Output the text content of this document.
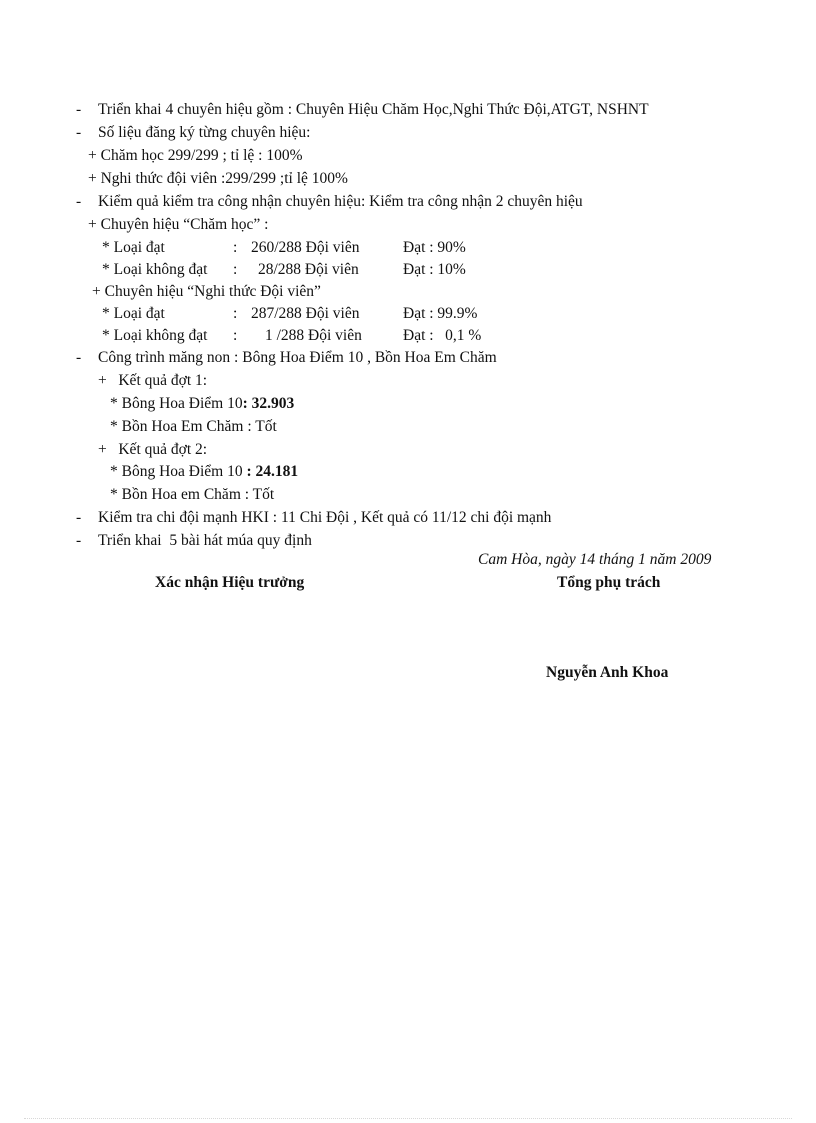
- Triển khai 4 chuyên hiệu gồm : Chuyên Hiệu Chăm Học,Nghi Thức Đội,ATGT, NSHNT
- Số liệu đăng ký từng chuyên hiệu:
+ Chăm học 299/299 ; tỉ lệ : 100%
+ Nghi thức đội viên :299/299 ;tỉ lệ 100%
- Kiểm quả kiểm tra công nhận chuyên hiệu: Kiểm tra công nhận 2 chuyên hiệu
+ Chuyên hiệu “Chăm học” :
* Loại đạt	: 260/288 Đội viên	Đạt : 90%
* Loại không đạt : 28/288 Đội viên	Đạt : 10%
+ Chuyên hiệu “Nghi thức Đội viên”
* Loại đạt	: 287/288 Đội viên	Đạt : 99.9%
* Loại không đạt : 1 /288 Đội viên	Đạt :   0,1 %
- Công trình măng non : Bông Hoa Điểm 10 , Bồn Hoa Em Chăm
+   Kết quả đợt 1:
* Bông Hoa Điểm 10: 32.903
* Bồn Hoa Em Chăm : Tốt
+   Kết quả đợt 2:
* Bông Hoa Điểm 10 : 24.181
* Bồn Hoa em Chăm : Tốt
- Kiểm tra chi đội mạnh HKI : 11 Chi Đội , Kết quả có 11/12 chi đội mạnh
- Triển khai  5 bài hát múa quy định
Cam Hòa, ngày 14 tháng 1 năm 2009
Xác nhận Hiệu trưởng	Tổng phụ trách
Nguyễn Anh Khoa
